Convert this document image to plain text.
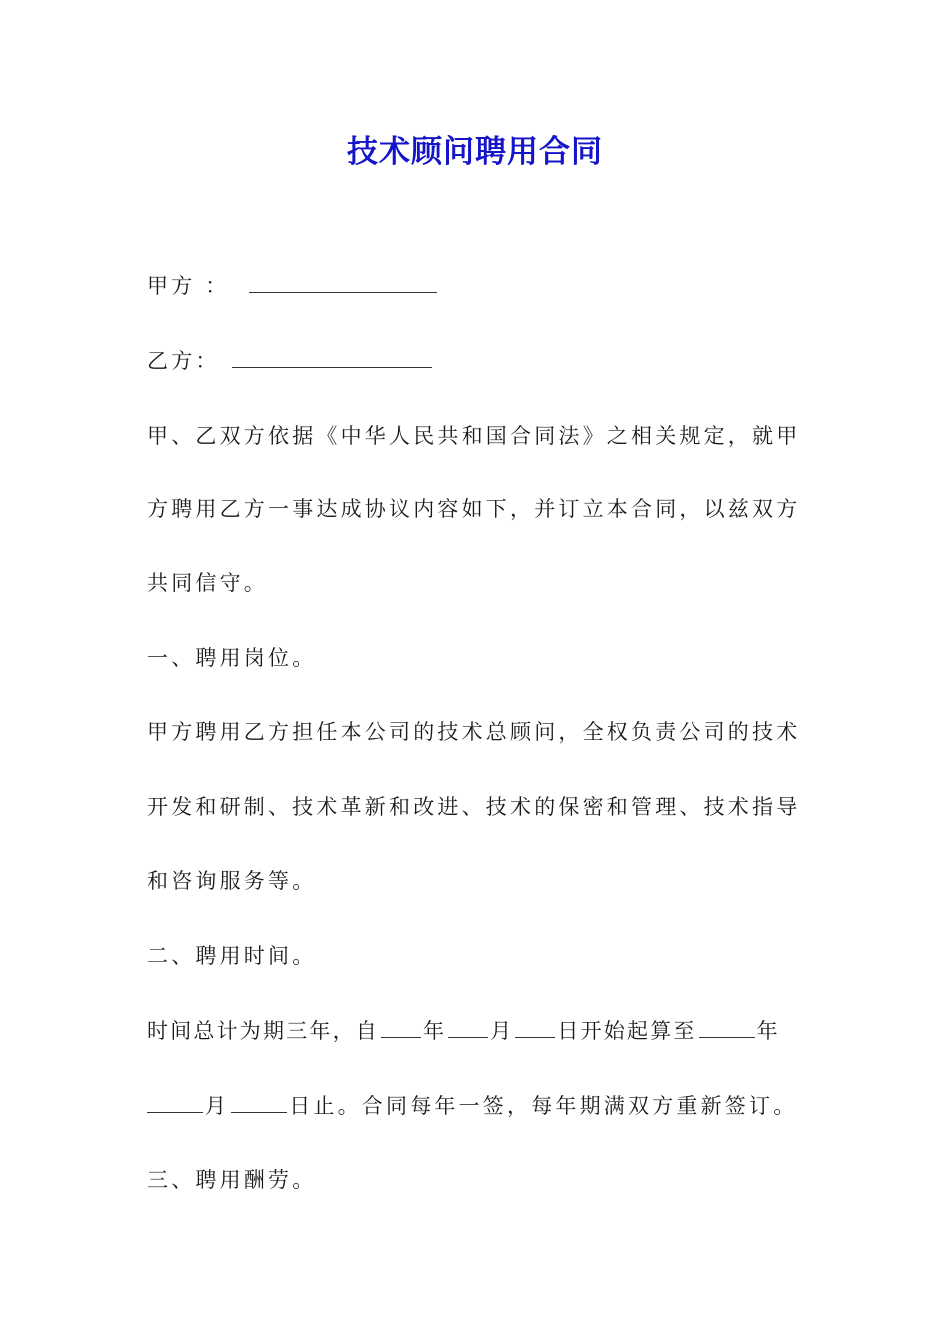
技术顾问聘用合同
甲方 ：
乙方：
甲、乙双方依据《中华人民共和国合同法》之相关规定，就甲
方聘用乙方一事达成协议内容如下，并订立本合同，以兹双方
共同信守。
一、聘用岗位。
甲方聘用乙方担任本公司的技术总顾问，全权负责公司的技术
开发和研制、技术革新和改进、技术的保密和管理、技术指导
和咨询服务等。
二、聘用时间。
时间总计为期三年，自 年 月 日开始起算至	年
月	日止。合同每年一签，每年期满双方重新签订。
三、聘用酬劳。
